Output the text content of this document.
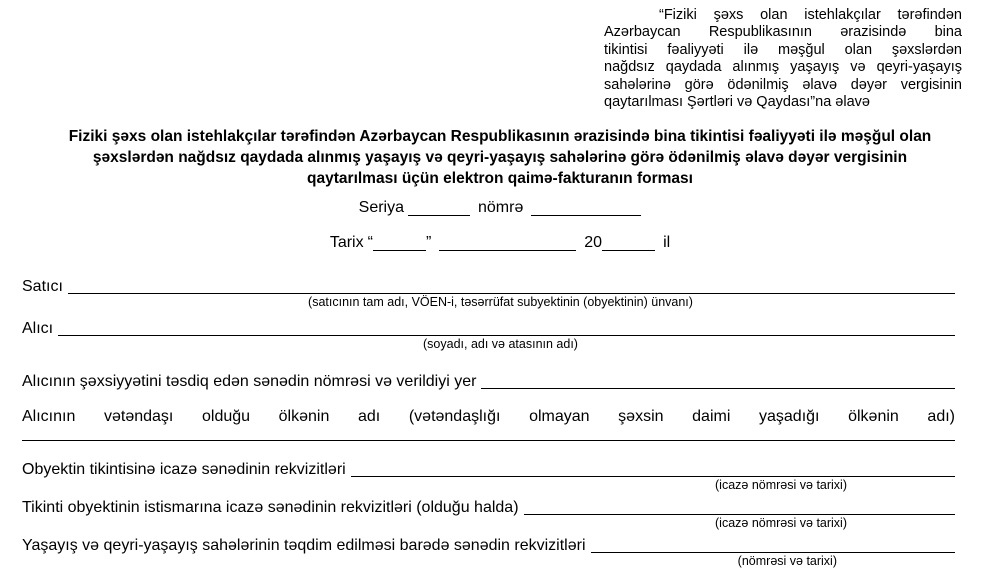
“Fiziki şəxs olan istehlakçılar tərəfindən
Azərbaycan Respublikasının ərazisində bina
tikintisi fəaliyyəti ilə məşğul olan şəxslərdən
nağdsız qaydada alınmış yaşayış və qeyri-yaşayış
sahələrinə görə ödənilmiş əlavə dəyər vergisinin
qaytarılması Şərtləri və Qaydası”na əlavə
Fiziki şəxs olan istehlakçılar tərəfindən Azərbaycan Respublikasının ərazisində bina tikintisi fəaliyyəti ilə məşğul olan
şəxslərdən nağdsız qaydada alınmış yaşayış və qeyri-yaşayış sahələrinə görə ödənilmiş əlavə dəyər vergisinin
qaytarılması üçün elektron qaimə-fakturanın forması
Seriya	nömrə
Tarix “	”	20	il
Satıcı
(satıcının tam adı, VÖEN-i, təsərrüfat subyektinin (obyektinin) ünvanı)
Alıcı
(soyadı, adı və atasının adı)
Alıcının şəxsiyyətini təsdiq edən sənədin nömrəsi və verildiyi yer
Alıcının vətəndaşı olduğu ölkənin adı (vətəndaşlığı olmayan şəxsin daimi yaşadığı ölkənin adı)
Obyektin tikintisinə icazə sənədinin rekvizitləri
(icazə nömrəsi və tarixi)
Tikinti obyektinin istismarına icazə sənədinin rekvizitləri (olduğu halda)
(icazə nömrəsi və tarixi)
Yaşayış və qeyri-yaşayış sahələrinin təqdim edilməsi barədə sənədin rekvizitləri
(nömrəsi və tarixi)
